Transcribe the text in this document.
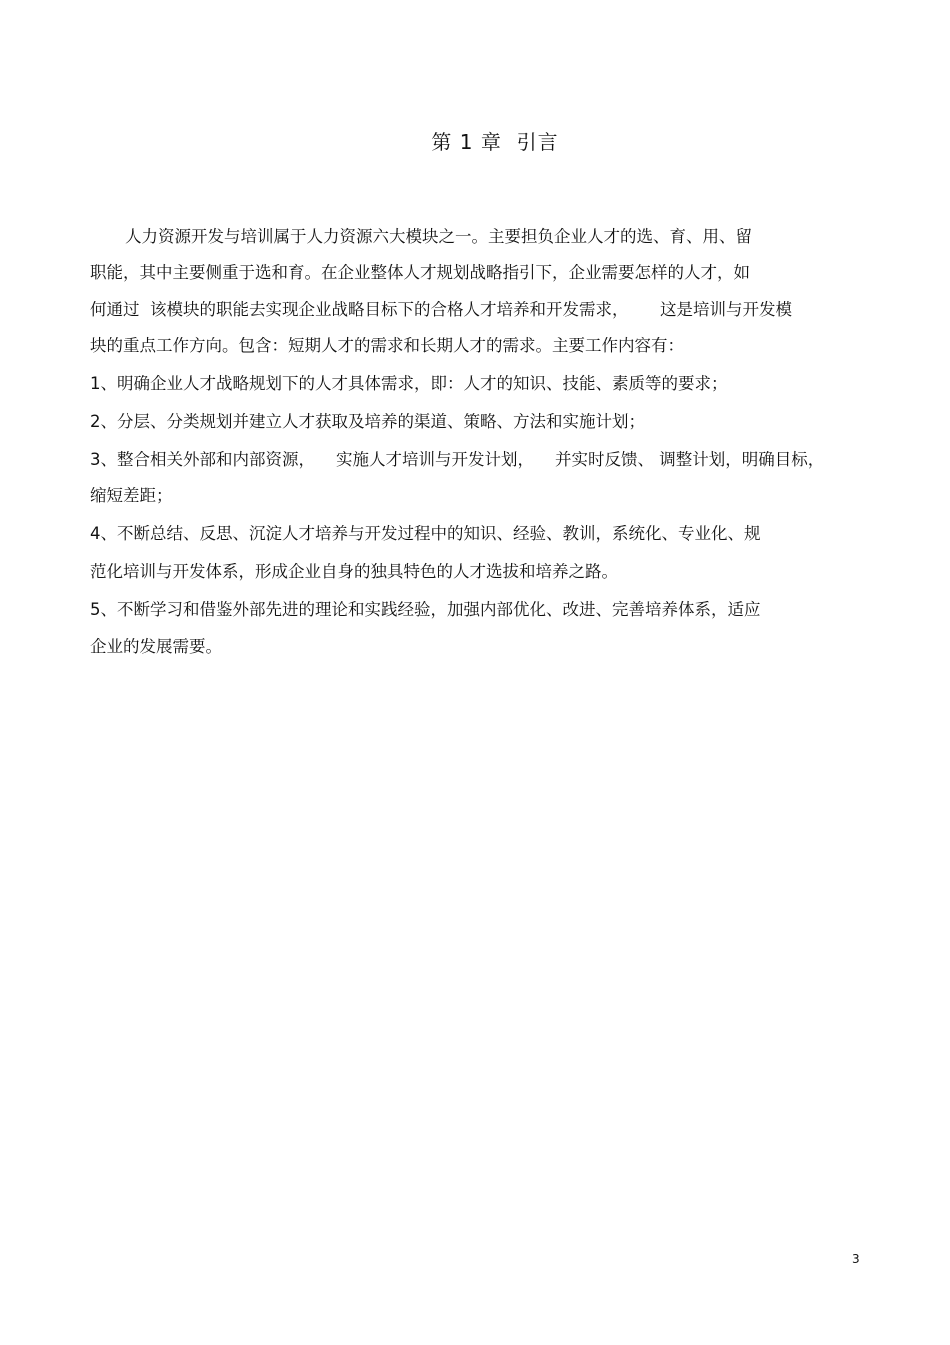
第 1 章  引言
人力资源开发与培训属于人力资源六大模块之一。主要担负企业人才的选、育、用、留
职能，其中主要侧重于选和育。在企业整体人才规划战略指引下，企业需要怎样的人才，如
何通过  该模块的职能去实现企业战略目标下的合格人才培养和开发需求，      这是培训与开发模
块的重点工作方向。包含：短期人才的需求和长期人才的需求。主要工作内容有：
1、明确企业人才战略规划下的人才具体需求，即：人才的知识、技能、素质等的要求；
2、分层、分类规划并建立人才获取及培养的渠道、策略、方法和实施计划；
3、整合相关外部和内部资源，    实施人才培训与开发计划，    并实时反馈、 调整计划，明确目标，
缩短差距；
4、不断总结、反思、沉淀人才培养与开发过程中的知识、经验、教训，系统化、专业化、规
范化培训与开发体系，形成企业自身的独具特色的人才选拔和培养之路。
5、不断学习和借鉴外部先进的理论和实践经验，加强内部优化、改进、完善培养体系，适应
企业的发展需要。
3
